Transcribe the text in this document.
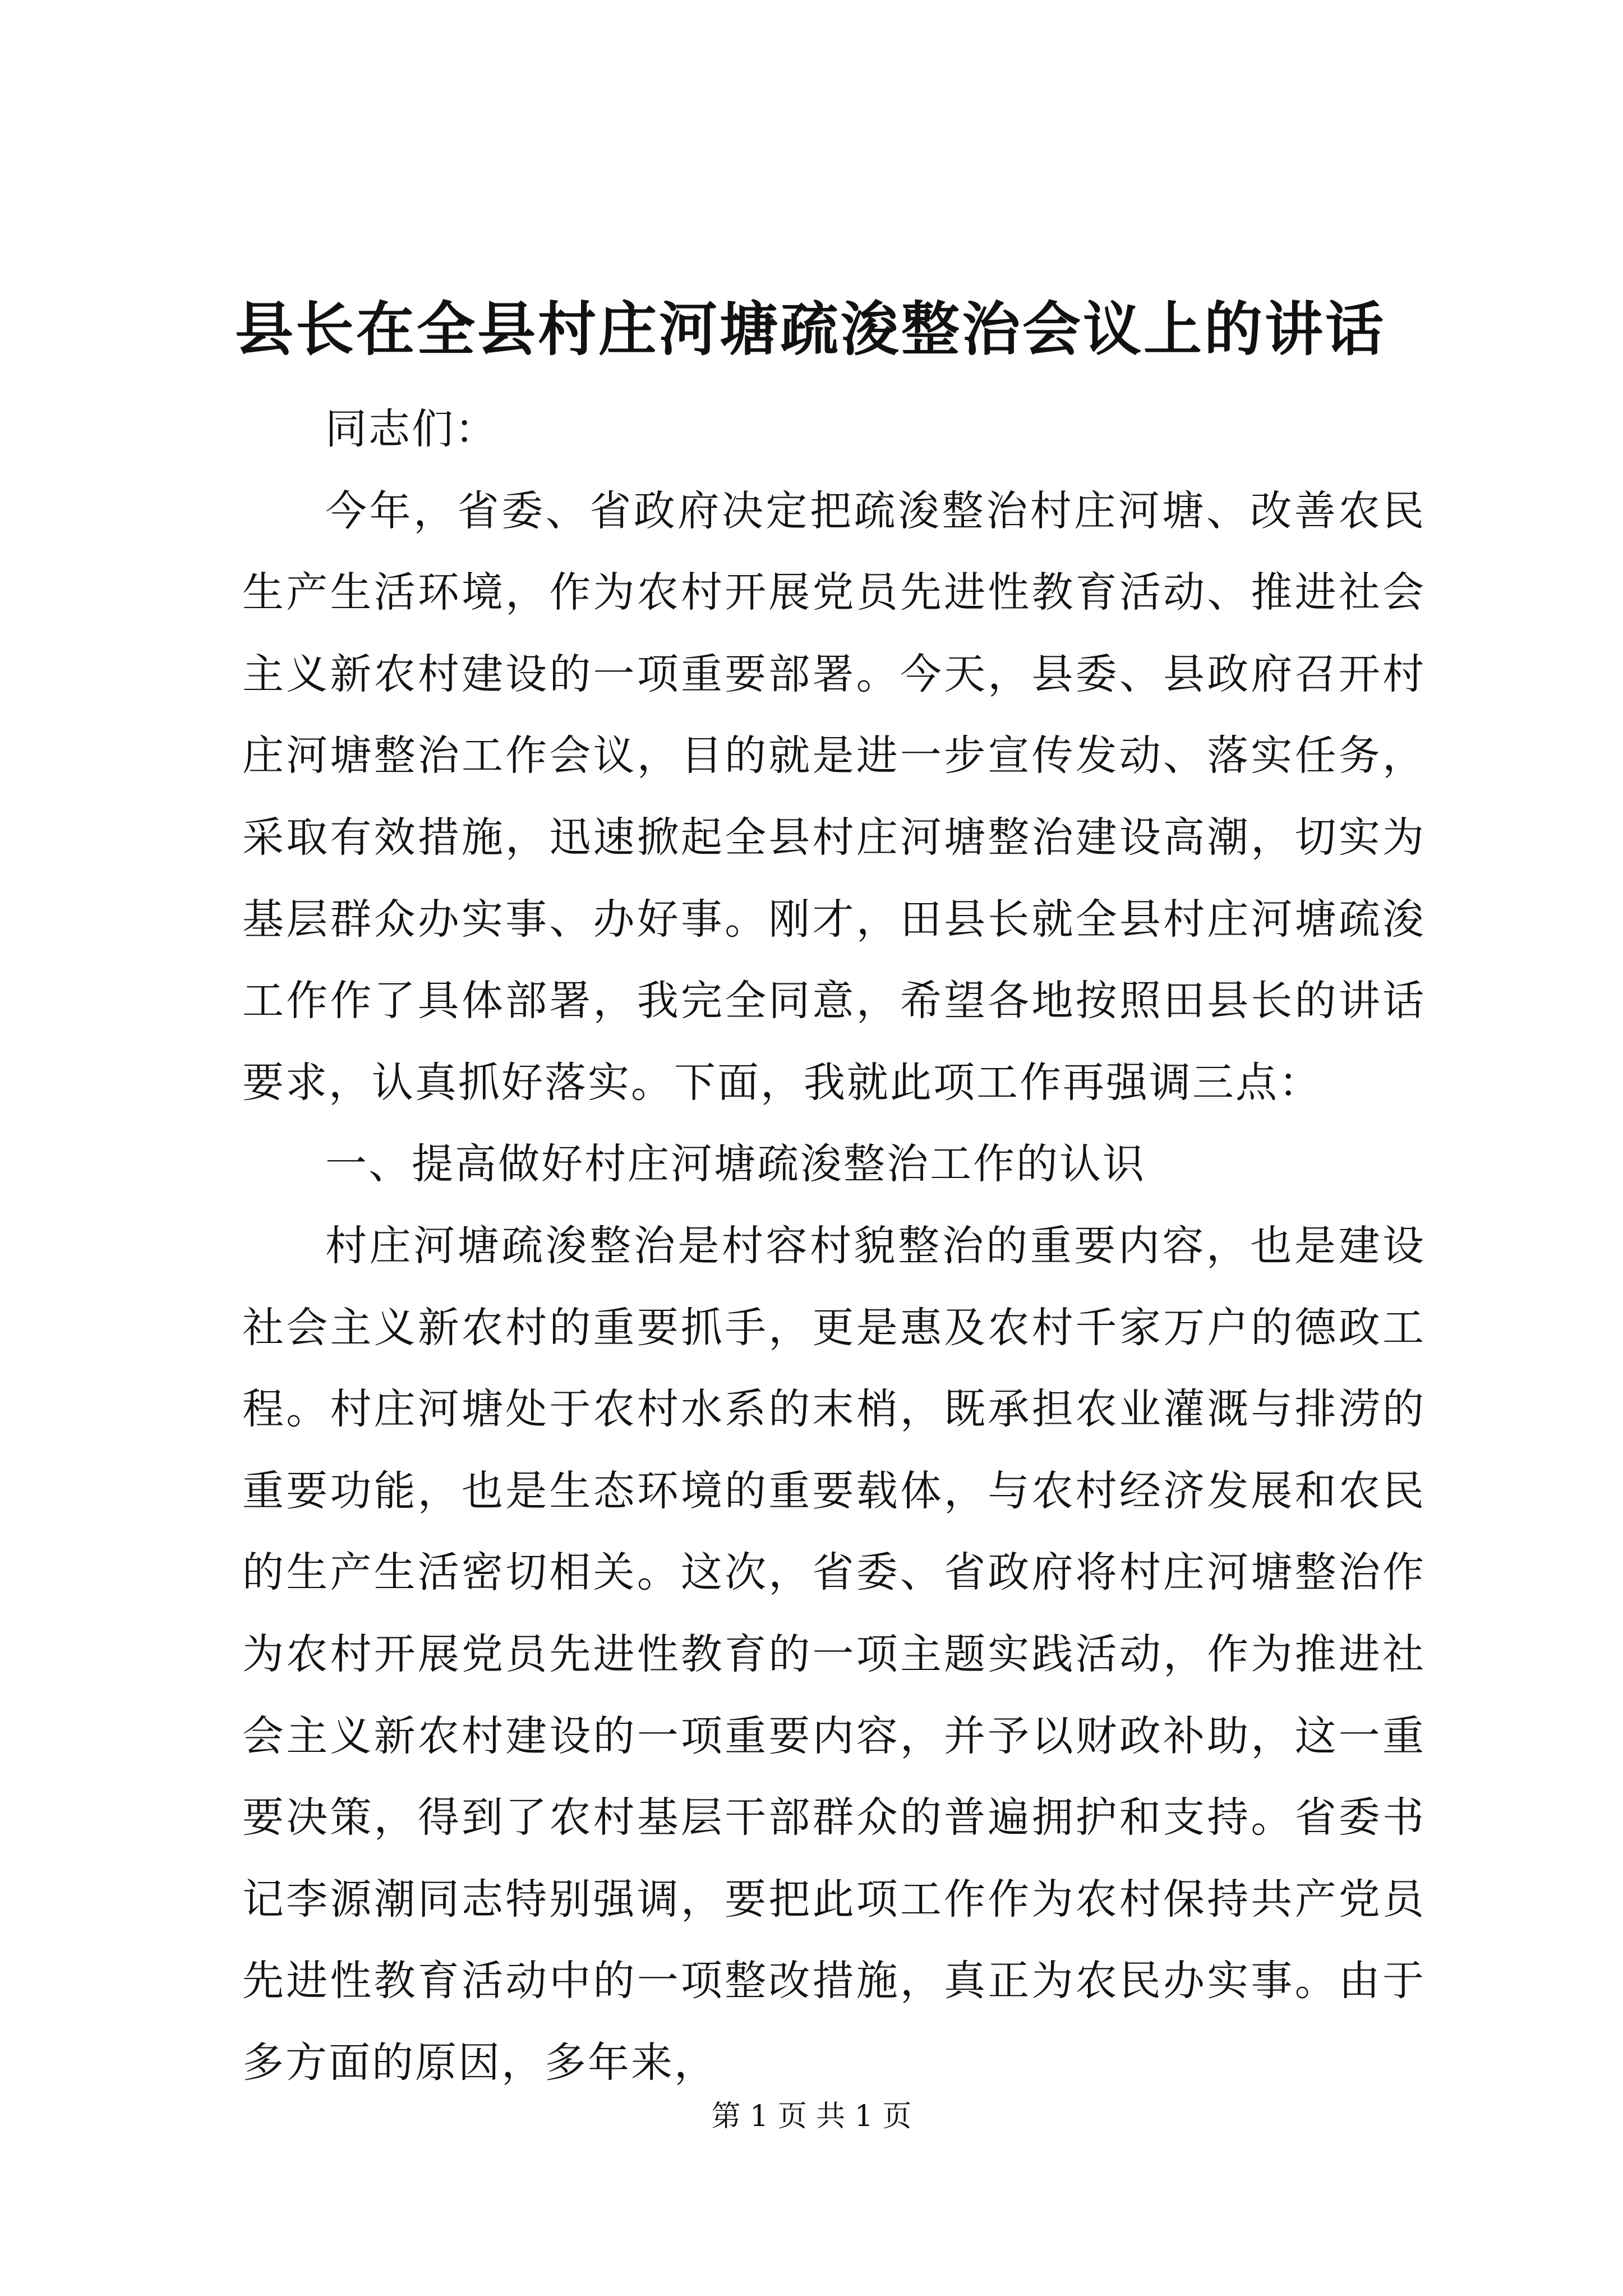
县长在全县村庄河塘疏浚整治会议上的讲话

同志们：

今年，省委、省政府决定把疏浚整治村庄河塘、改善农民生产生活环境，作为农村开展党员先进性教育活动、推进社会主义新农村建设的一项重要部署。今天，县委、县政府召开村庄河塘整治工作会议，目的就是进一步宣传发动、落实任务，采取有效措施，迅速掀起全县村庄河塘整治建设高潮，切实为基层群众办实事、办好事。刚才，田县长就全县村庄河塘疏浚工作作了具体部署，我完全同意，希望各地按照田县长的讲话要求，认真抓好落实。下面，我就此项工作再强调三点：

一、提高做好村庄河塘疏浚整治工作的认识

村庄河塘疏浚整治是村容村貌整治的重要内容，也是建设社会主义新农村的重要抓手，更是惠及农村千家万户的德政工程。村庄河塘处于农村水系的末梢，既承担农业灌溉与排涝的重要功能，也是生态环境的重要载体，与农村经济发展和农民的生产生活密切相关。这次，省委、省政府将村庄河塘整治作为农村开展党员先进性教育的一项主题实践活动，作为推进社会主义新农村建设的一项重要内容，并予以财政补助，这一重要决策，得到了农村基层干部群众的普遍拥护和支持。省委书记李源潮同志特别强调，要把此项工作作为农村保持共产党员先进性教育活动中的一项整改措施，真正为农民办实事。由于多方面的原因，多年来，

第 1 页 共 1 页
